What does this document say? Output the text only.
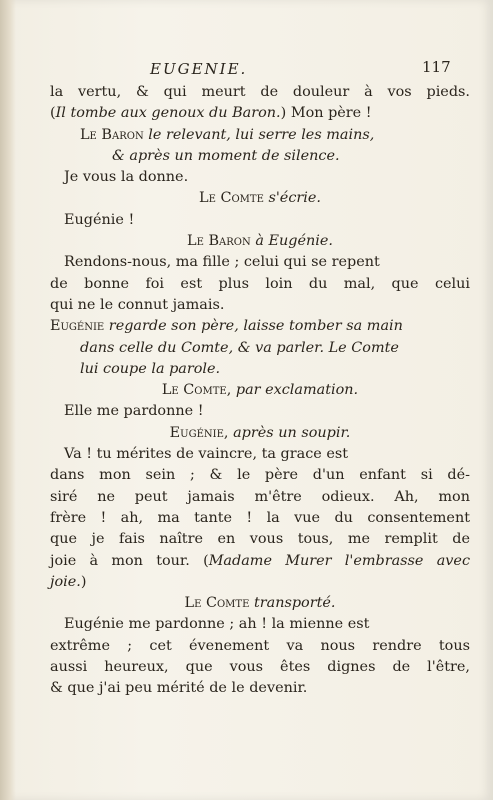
EUGENIE.	117
la vertu, & qui meurt de douleur à vos pieds.
(Il tombe aux genoux du Baron.) Mon père !
Le Baron le relevant, lui serre les mains,
& après un moment de silence.
Je vous la donne.
Le Comte s'écrie.
Eugénie !
Le Baron à Eugénie.
Rendons-nous, ma fille ; celui qui se repent
de bonne foi est plus loin du mal, que celui
qui ne le connut jamais.
Eugénie regarde son père, laisse tomber sa main
dans celle du Comte, & va parler. Le Comte
lui coupe la parole.
Le Comte, par exclamation.
Elle me pardonne !
Eugénie, après un soupir.
Va ! tu mérites de vaincre, ta grace est
dans mon sein ; & le père d'un enfant si dé-
siré ne peut jamais m'être odieux. Ah, mon
frère ! ah, ma tante ! la vue du consentement
que je fais naître en vous tous, me remplit de
joie à mon tour. (Madame Murer l'embrasse avec
joie.)
Le Comte transporté.
Eugénie me pardonne ; ah ! la mienne est
extrême ; cet évenement va nous rendre tous
aussi heureux, que vous êtes dignes de l'être,
& que j'ai peu mérité de le devenir.
